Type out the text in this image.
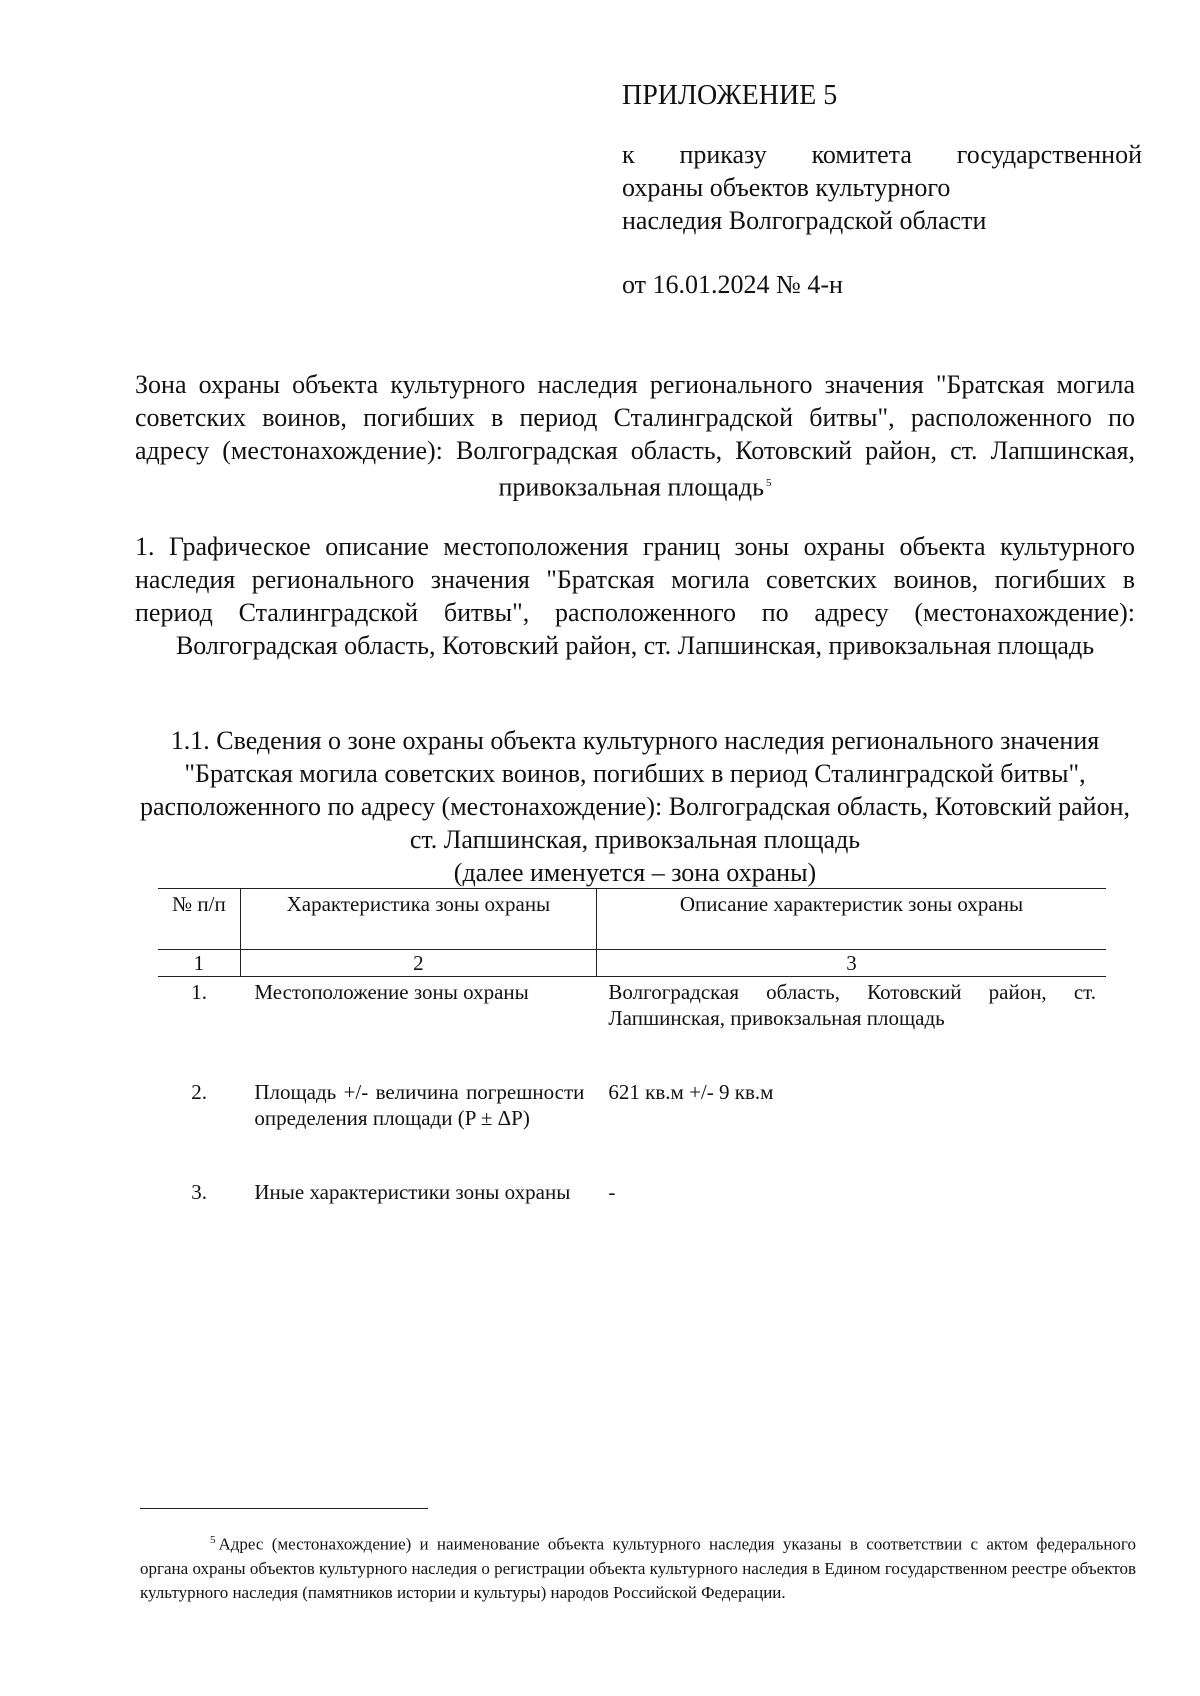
ПРИЛОЖЕНИЕ 5
к приказу комитета государственной
охраны объектов культурного
наследия Волгоградской области
от 16.01.2024 № 4-н
Зона охраны объекта культурного наследия регионального значения "Братская могила советских воинов, погибших в период Сталинградской битвы", расположенного по адресу (местонахождение): Волгоградская область, Котовский район, ст. Лапшинская, привокзальная площадь $^5$
1. Графическое описание местоположения границ зоны охраны объекта культурного наследия регионального значения "Братская могила советских воинов, погибших в период Сталинградской битвы", расположенного по адресу (местонахождение): Волгоградская область, Котовский район, ст. Лапшинская, привокзальная площадь
1.1. Сведения о зоне охраны объекта культурного наследия регионального значения "Братская могила советских воинов, погибших в период Сталинградской битвы", расположенного по адресу (местонахождение): Волгоградская область, Котовский район, ст. Лапшинская, привокзальная площадь
(далее именуется – зона охраны)
№ п/п	Характеристика зоны охраны	Описание характеристик зоны охраны
1	2	3
1.	Местоположение зоны охраны	Волгоградская область, Котовский район, ст. Лапшинская, привокзальная площадь

2.	Площадь +/- величина погрешности определения площади (P ± ΔP)	621 кв.м +/- 9 кв.м

3.	Иные характеристики зоны охраны	-
$^5$ Адрес (местонахождение) и наименование объекта культурного наследия указаны в соответствии с актом федерального органа охраны объектов культурного наследия о регистрации объекта культурного наследия в Едином государственном реестре объектов культурного наследия (памятников истории и культуры) народов Российской Федерации.
